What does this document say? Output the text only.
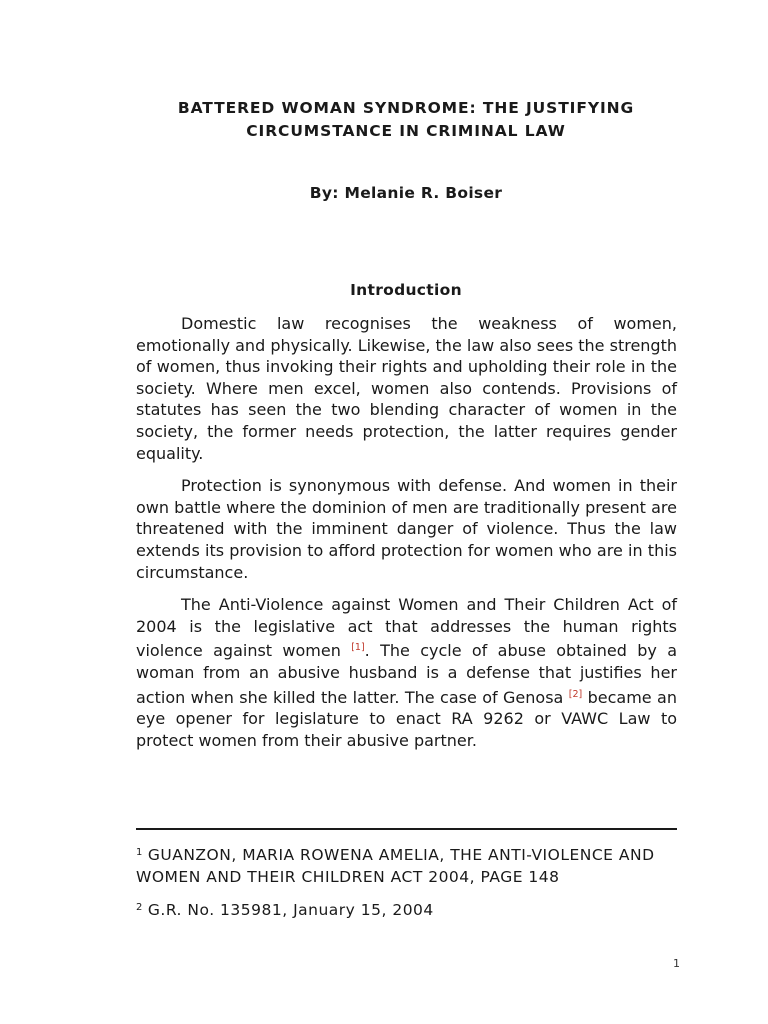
BATTERED WOMAN SYNDROME: THE JUSTIFYING
CIRCUMSTANCE IN CRIMINAL LAW
By: Melanie R. Boiser
Introduction

Domestic law recognises the weakness of women, emotionally and physically. Likewise, the law also sees the strength of women, thus invoking their rights and upholding their role in the society. Where men excel, women also contends. Provisions of statutes has seen the two blending character of women in the society, the former needs protection, the latter requires gender equality.

Protection is synonymous with defense. And women in their own battle where the dominion of men are traditionally present are threatened with the imminent danger of violence. Thus the law extends its provision to afford protection for women who are in this circumstance.

The Anti-Violence against Women and Their Children Act of 2004 is the legislative act that addresses the human rights violence against women [1]. The cycle of abuse obtained by a woman from an abusive husband is a defense that justifies her action when she killed the latter. The case of Genosa [2] became an eye opener for legislature to enact RA 9262 or VAWC Law to protect women from their abusive partner.

$^1$ GUANZON, MARIA ROWENA AMELIA, THE ANTI-VIOLENCE AND WOMEN AND THEIR CHILDREN ACT 2004, PAGE 148

$^2$ G.R. No. 135981, January 15, 2004

1
